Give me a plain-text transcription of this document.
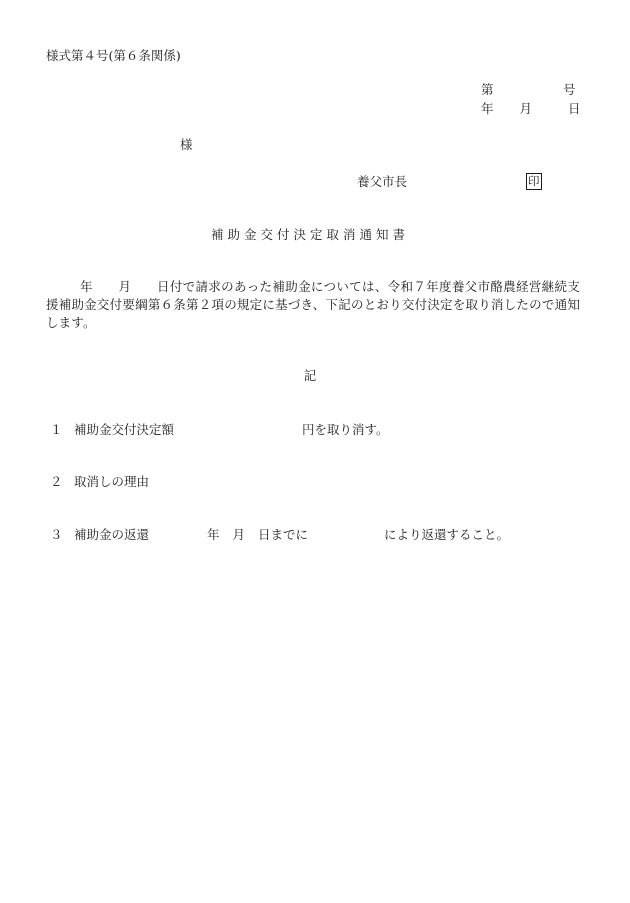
様式第４号(第６条関係)
第	号
年 月	日
様
養父市長	印
補助金交付決定取消通知書
年　　月　　日付で請求のあった補助金については、令和７年度養父市酪農経営継続支援補助金交付要綱第６条第２項の規定に基づき、下記のとおり交付決定を取り消したので通知します。
記
１ 補助金交付決定額	円を取り消す。
２ 取消しの理由
３ 補助金の返還	年 月 日までに	により返還すること。
